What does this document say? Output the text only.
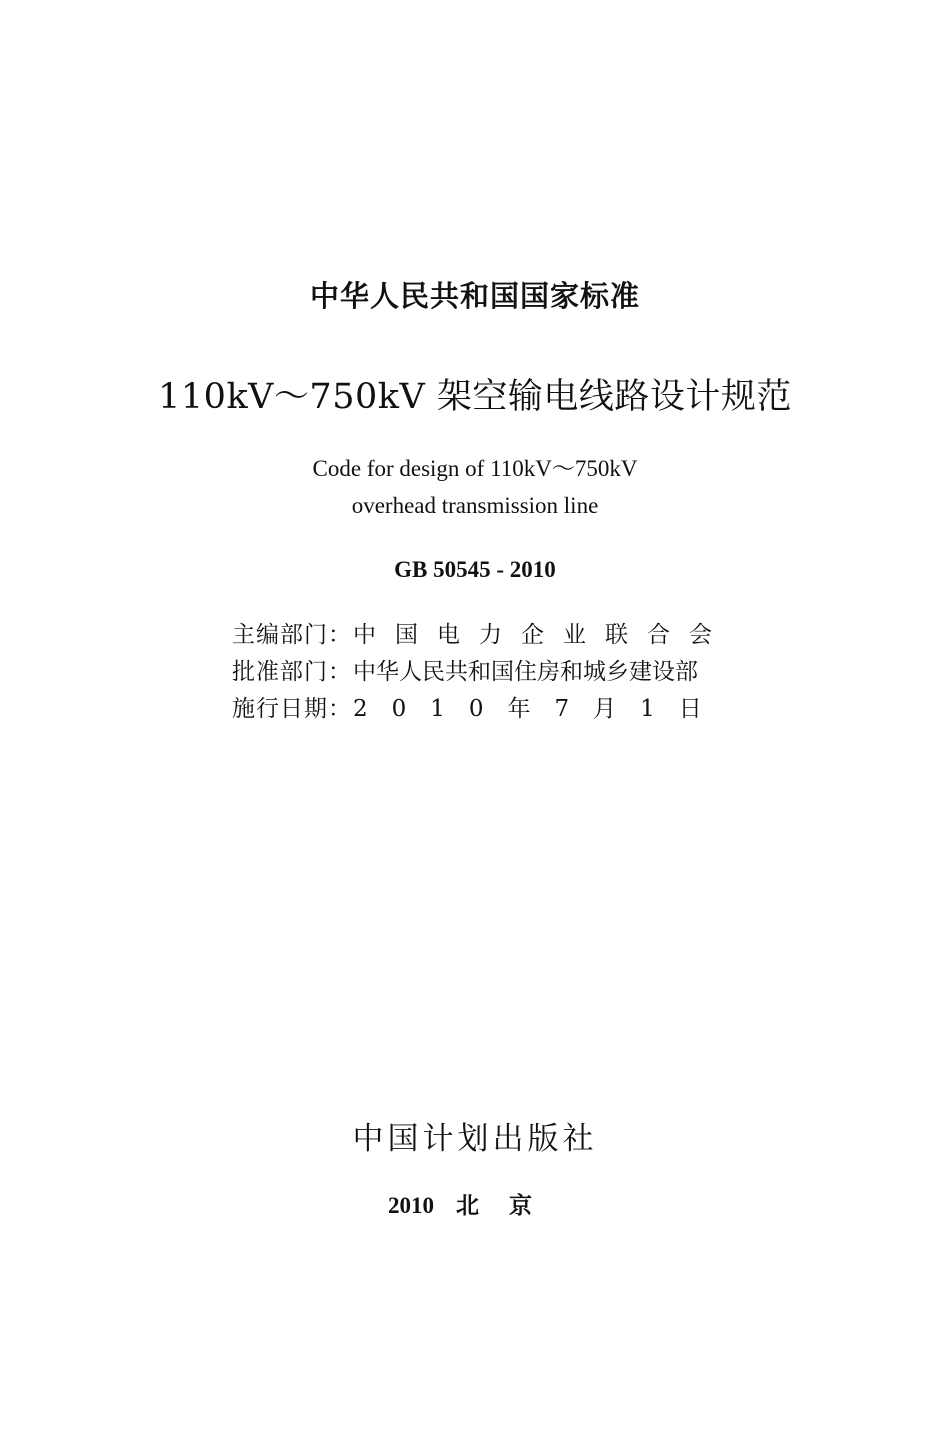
中华人民共和国国家标准
110kV～750kV 架空输电线路设计规范
Code for design of 110kV～750kV
overhead transmission line
GB 50545 - 2010
主编部门：中国电力企业联合会
批准部门：中华人民共和国住房和城乡建设部
施行日期：2010年7月1日
中国计划出版社
2010 北京
